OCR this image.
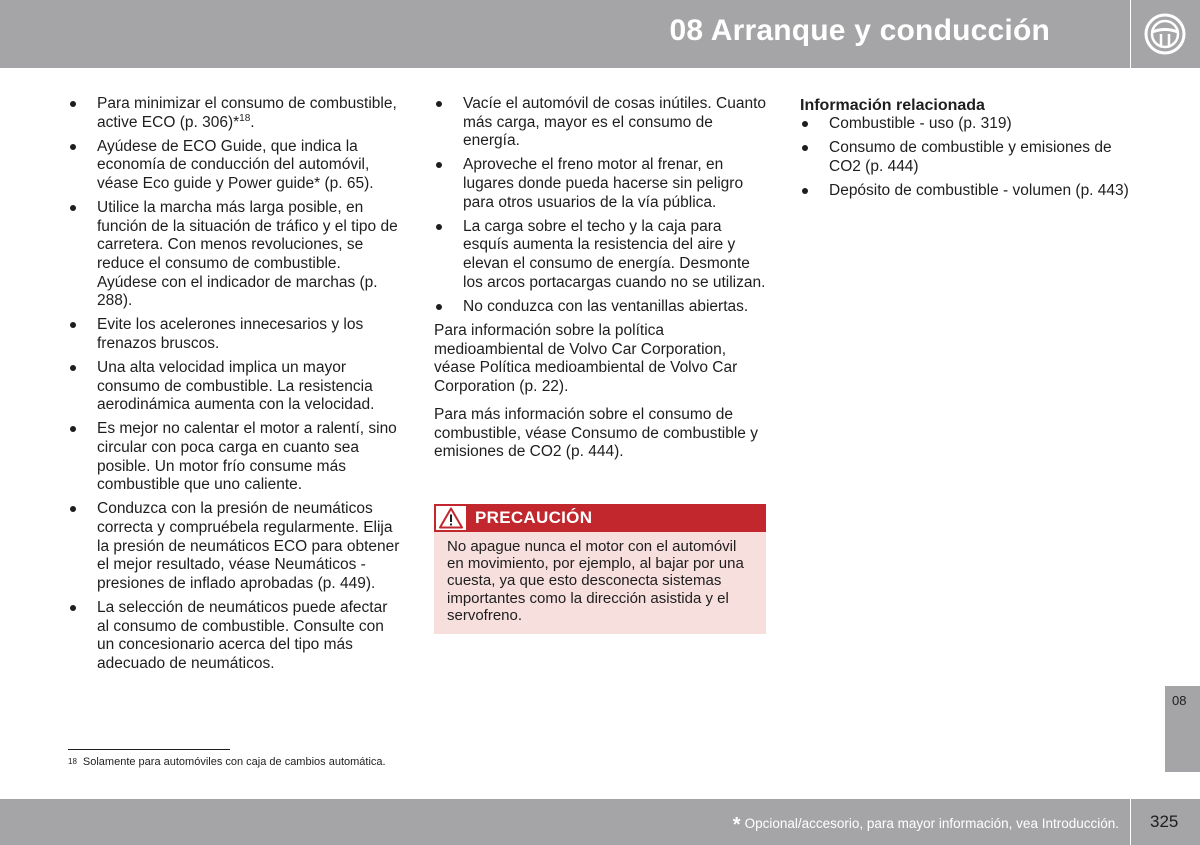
08 Arranque y conducción
Para minimizar el consumo de combustible, active ECO (p. 306)*$^{18}$.
Ayúdese de ECO Guide, que indica la economía de conducción del automóvil, véase Eco guide y Power guide* (p. 65).
Utilice la marcha más larga posible, en función de la situación de tráfico y el tipo de carretera. Con menos revoluciones, se reduce el consumo de combustible. Ayúdese con el indicador de marchas (p. 288).
Evite los acelerones innecesarios y los frenazos bruscos.
Una alta velocidad implica un mayor consumo de combustible. La resistencia aerodinámica aumenta con la velocidad.
Es mejor no calentar el motor a ralentí, sino circular con poca carga en cuanto sea posible. Un motor frío consume más combustible que uno caliente.
Conduzca con la presión de neumáticos correcta y compruébela regularmente. Elija la presión de neumáticos ECO para obtener el mejor resultado, véase Neumáticos - presiones de inflado aprobadas (p. 449).
La selección de neumáticos puede afectar al consumo de combustible. Consulte con un concesionario acerca del tipo más adecuado de neumáticos.
Vacíe el automóvil de cosas inútiles. Cuanto más carga, mayor es el consumo de energía.
Aproveche el freno motor al frenar, en lugares donde pueda hacerse sin peligro para otros usuarios de la vía pública.
La carga sobre el techo y la caja para esquís aumenta la resistencia del aire y elevan el consumo de energía. Desmonte los arcos portacargas cuando no se utilizan.
No conduzca con las ventanillas abiertas.

Para información sobre la política medioambiental de Volvo Car Corporation, véase Política medioambiental de Volvo Car Corporation (p. 22).

Para más información sobre el consumo de combustible, véase Consumo de combustible y emisiones de CO2 (p. 444).

PRECAUCIÓN
No apague nunca el motor con el automóvil en movimiento, por ejemplo, al bajar por una cuesta, ya que esto desconecta sistemas importantes como la dirección asistida y el servofreno.
Información relacionada
Combustible - uso (p. 319)
Consumo de combustible y emisiones de CO2 (p. 444)
Depósito de combustible - volumen (p. 443)
08
$^{18}$ Solamente para automóviles con caja de cambios automática.
* Opcional/accesorio, para mayor información, vea Introducción. 325
